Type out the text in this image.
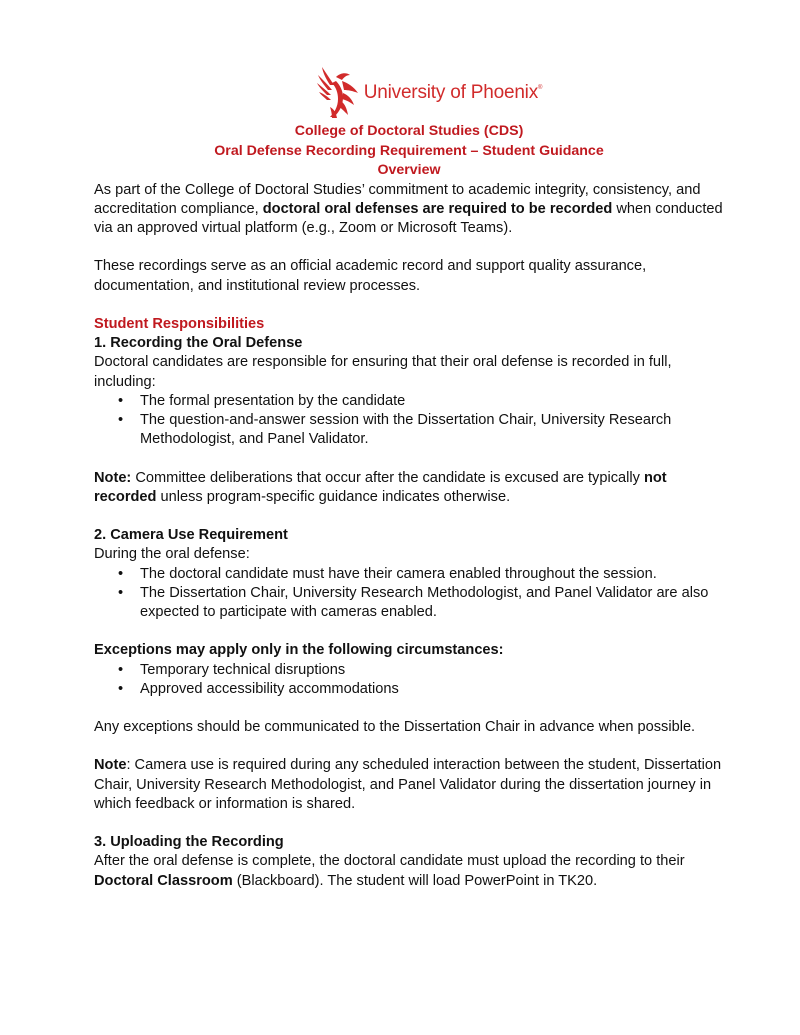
University of Phoenix®
College of Doctoral Studies (CDS)
Oral Defense Recording Requirement – Student Guidance
Overview

As part of the College of Doctoral Studies’ commitment to academic integrity, consistency, and accreditation compliance, doctoral oral defenses are required to be recorded when conducted via an approved virtual platform (e.g., Zoom or Microsoft Teams).

These recordings serve as an official academic record and support quality assurance, documentation, and institutional review processes.

Student Responsibilities

1. Recording the Oral Defense

Doctoral candidates are responsible for ensuring that their oral defense is recorded in full, including:

• The formal presentation by the candidate
• The question-and-answer session with the Dissertation Chair, University Research Methodologist, and Panel Validator.

Note: Committee deliberations that occur after the candidate is excused are typically not recorded unless program-specific guidance indicates otherwise.

2. Camera Use Requirement

During the oral defense:

• The doctoral candidate must have their camera enabled throughout the session.
• The Dissertation Chair, University Research Methodologist, and Panel Validator are also expected to participate with cameras enabled.

Exceptions may apply only in the following circumstances:

• Temporary technical disruptions
• Approved accessibility accommodations

Any exceptions should be communicated to the Dissertation Chair in advance when possible.

Note: Camera use is required during any scheduled interaction between the student, Dissertation Chair, University Research Methodologist, and Panel Validator during the dissertation journey in which feedback or information is shared.

3. Uploading the Recording

After the oral defense is complete, the doctoral candidate must upload the recording to their Doctoral Classroom (Blackboard). The student will load PowerPoint in TK20.
